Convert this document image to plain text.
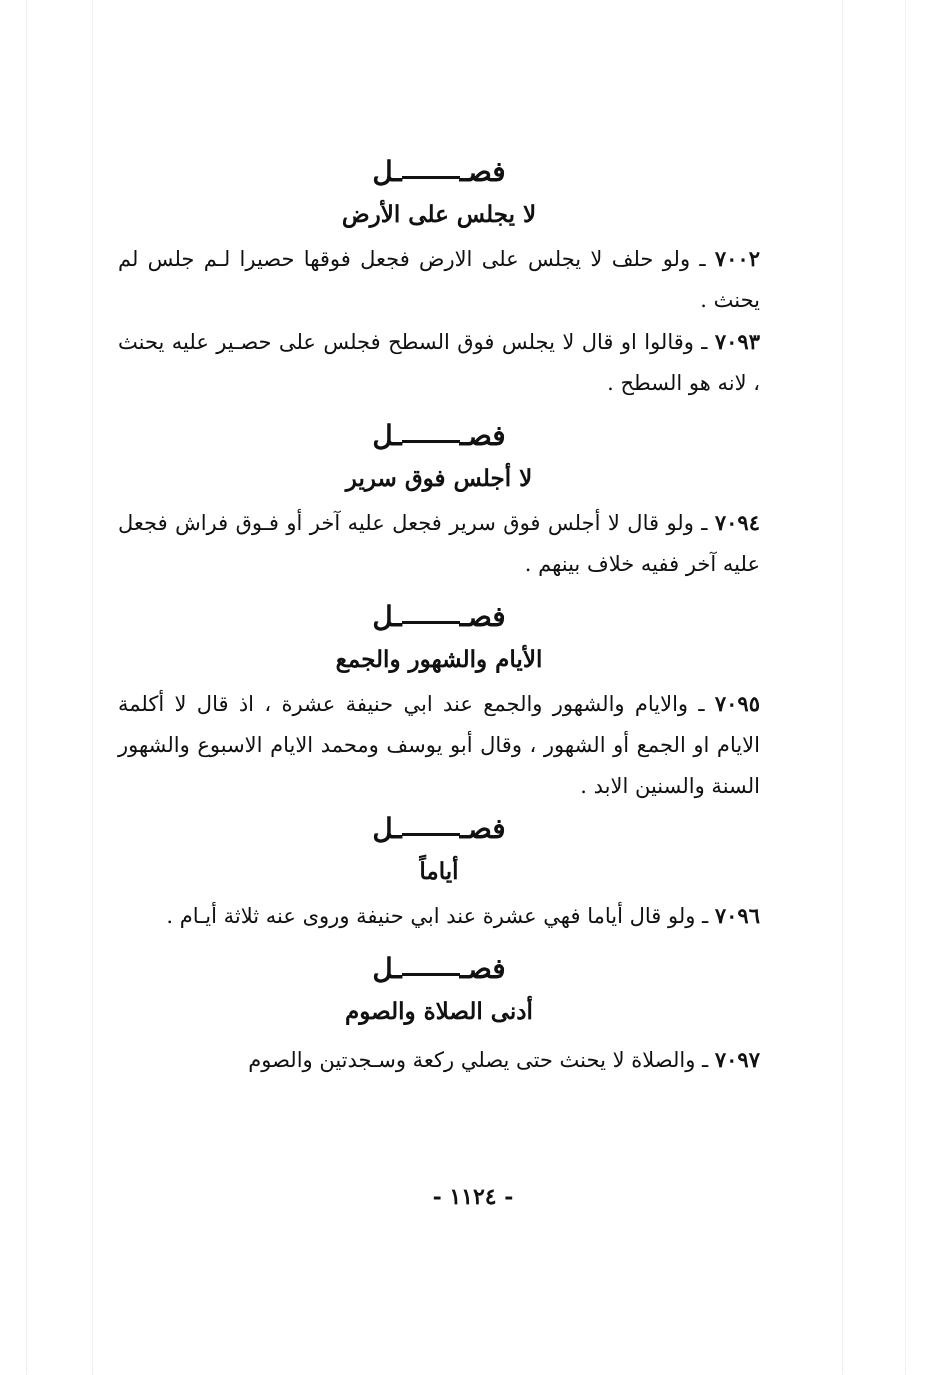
فصــل
لا يجلس على الأرض

٧٠٠٢ ـ ولو حلف لا يجلس على الارض فجعل فوقها حصيرا لـم جلس لم يحنث .

٧٠٩٣ ـ وقالوا او قال لا يجلس فوق السطح فجلس على حصـير عليه يحنث ، لانه هو السطح .

فصــل
لا أجلس فوق سرير

٧٠٩٤ ـ ولو قال لا أجلس فوق سرير فجعل عليه آخر أو فـوق فراش فجعل عليه آخر ففيه خلاف بينهم .

فصــل
الأيام والشهور والجمع

٧٠٩٥ ـ والايام والشهور والجمع عند ابي حنيفة عشرة ، اذ قال لا أكلمة الايام او الجمع أو الشهور ، وقال أبو يوسف ومحمد الايام الاسبوع والشهور السنة والسنين الابد .

فصــل
أياماً

٧٠٩٦ ـ ولو قال أياما فهي عشرة عند ابي حنيفة وروى عنه ثلاثة أيـام .

فصــل
أدنى الصلاة والصوم

٧٠٩٧ ـ والصلاة لا يحنث حتى يصلي ركعة وسـجدتين والصوم

- ١١٢٤ -
